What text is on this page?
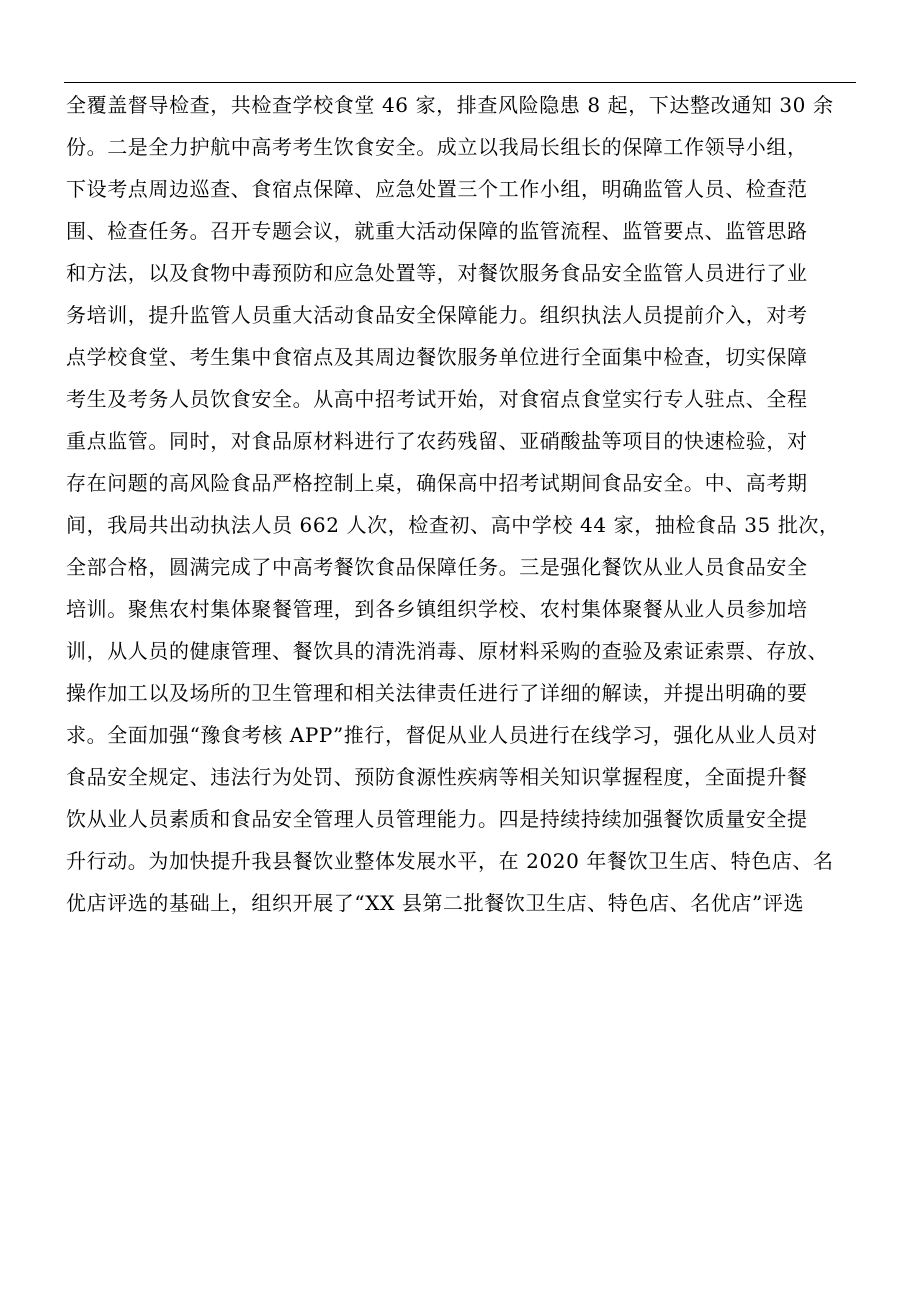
全覆盖督导检查，共检查学校食堂 46 家，排查风险隐患 8 起，下达整改通知 30 余
份。二是全力护航中高考考生饮食安全。成立以我局长组长的保障工作领导小组，
下设考点周边巡查、食宿点保障、应急处置三个工作小组，明确监管人员、检查范
围、检查任务。召开专题会议，就重大活动保障的监管流程、监管要点、监管思路
和方法，以及食物中毒预防和应急处置等，对餐饮服务食品安全监管人员进行了业
务培训，提升监管人员重大活动食品安全保障能力。组织执法人员提前介入，对考
点学校食堂、考生集中食宿点及其周边餐饮服务单位进行全面集中检查，切实保障
考生及考务人员饮食安全。从高中招考试开始，对食宿点食堂实行专人驻点、全程
重点监管。同时，对食品原材料进行了农药残留、亚硝酸盐等项目的快速检验，对
存在问题的高风险食品严格控制上桌，确保高中招考试期间食品安全。中、高考期
间，我局共出动执法人员 662 人次，检查初、高中学校 44 家，抽检食品 35 批次，
全部合格，圆满完成了中高考餐饮食品保障任务。三是强化餐饮从业人员食品安全
培训。聚焦农村集体聚餐管理，到各乡镇组织学校、农村集体聚餐从业人员参加培
训，从人员的健康管理、餐饮具的清洗消毒、原材料采购的查验及索证索票、存放、
操作加工以及场所的卫生管理和相关法律责任进行了详细的解读，并提出明确的要
求。全面加强“豫食考核 APP”推行，督促从业人员进行在线学习，强化从业人员对
食品安全规定、违法行为处罚、预防食源性疾病等相关知识掌握程度，全面提升餐
饮从业人员素质和食品安全管理人员管理能力。四是持续持续加强餐饮质量安全提
升行动。为加快提升我县餐饮业整体发展水平，在 2020 年餐饮卫生店、特色店、名
优店评选的基础上，组织开展了“XX 县第二批餐饮卫生店、特色店、名优店”评选
